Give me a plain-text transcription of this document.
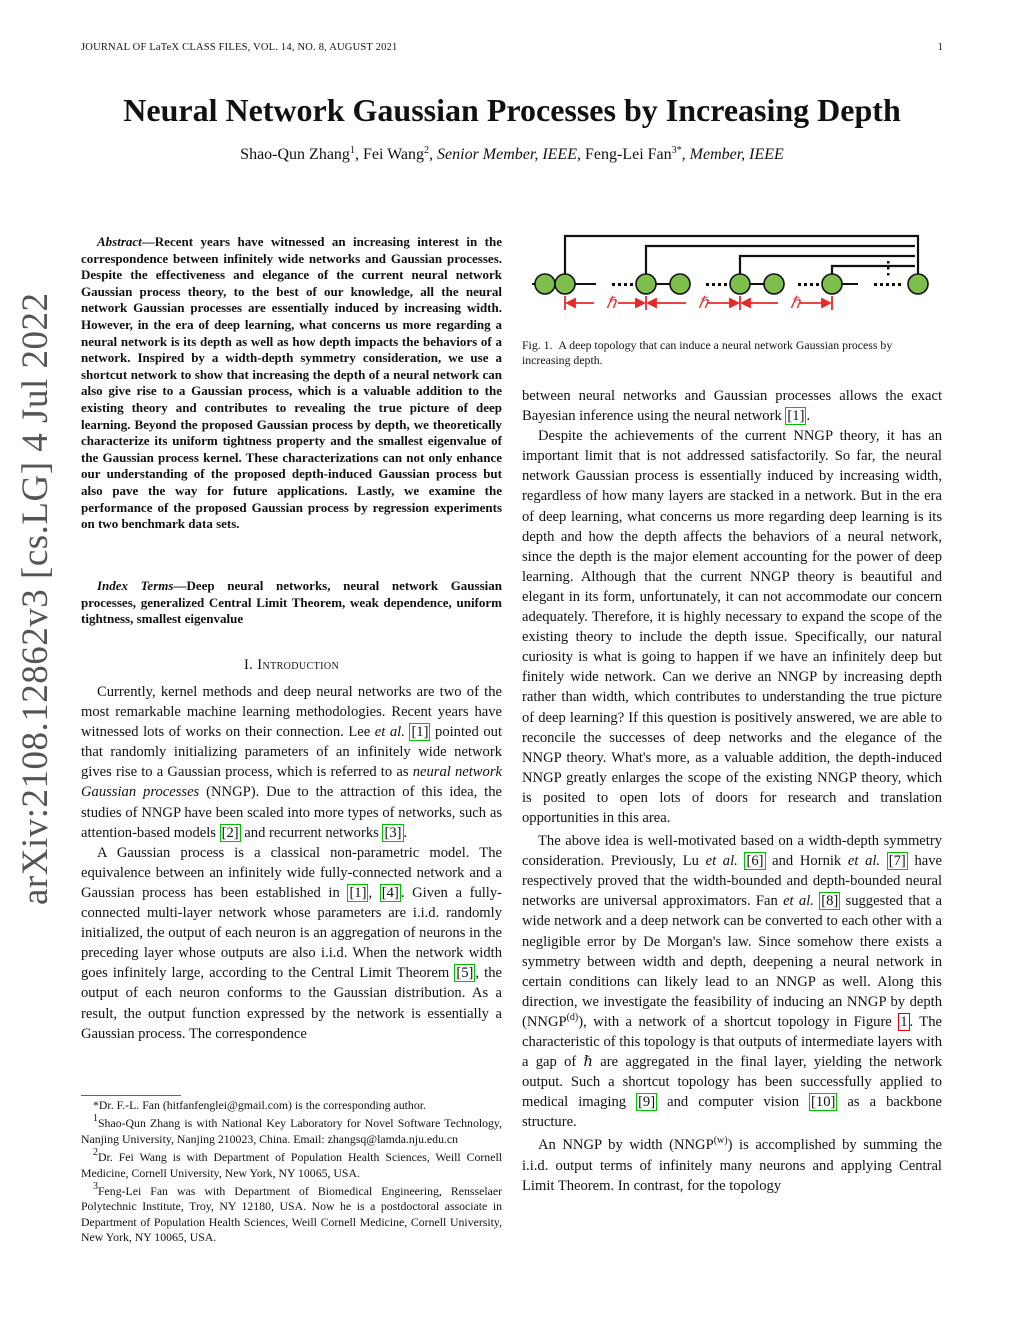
JOURNAL OF LaTeX CLASS FILES, VOL. 14, NO. 8, AUGUST 2021	1
arXiv:2108.12862v3 [cs.LG] 4 Jul 2022
Neural Network Gaussian Processes by Increasing Depth
Shao-Qun Zhang$^1$, Fei Wang$^2$, Senior Member, IEEE, Feng-Lei Fan$^{3*}$, Member, IEEE

Abstract—Recent years have witnessed an increasing interest in the correspondence between infinitely wide networks and Gaussian processes. Despite the effectiveness and elegance of the current neural network Gaussian process theory, to the best of our knowledge, all the neural network Gaussian processes are essentially induced by increasing width. However, in the era of deep learning, what concerns us more regarding a neural network is its depth as well as how depth impacts the behaviors of a network. Inspired by a width-depth symmetry consideration, we use a shortcut network to show that increasing the depth of a neural network can also give rise to a Gaussian process, which is a valuable addition to the existing theory and contributes to revealing the true picture of deep learning. Beyond the proposed Gaussian process by depth, we theoretically characterize its uniform tightness property and the smallest eigenvalue of the Gaussian process kernel. These characterizations can not only enhance our understanding of the proposed depth-induced Gaussian process but also pave the way for future applications. Lastly, we examine the performance of the proposed Gaussian process by regression experiments on two benchmark data sets.

Index Terms—Deep neural networks, neural network Gaussian processes, generalized Central Limit Theorem, weak dependence, uniform tightness, smallest eigenvalue

I. Introduction

Currently, kernel methods and deep neural networks are two of the most remarkable machine learning methodologies. Recent years have witnessed lots of works on their connection. Lee et al. [1] pointed out that randomly initializing parameters of an infinitely wide network gives rise to a Gaussian process, which is referred to as neural network Gaussian processes (NNGP). Due to the attraction of this idea, the studies of NNGP have been scaled into more types of networks, such as attention-based models [2] and recurrent networks [3] .

A Gaussian process is a classical non-parametric model. The equivalence between an infinitely wide fully-connected network and a Gaussian process has been established in [1] , [4] . Given a fully-connected multi-layer network whose parameters are i.i.d. randomly initialized, the output of each neuron is an aggregation of neurons in the preceding layer whose outputs are also i.i.d. When the network width goes infinitely large, according to the Central Limit Theorem [5] , the output of each neuron conforms to the Gaussian distribution. As a result, the output function expressed by the network is essentially a Gaussian process. The correspondence

*Dr. F.-L. Fan (hitfanfenglei@gmail.com) is the corresponding author.

$^1$Shao-Qun Zhang is with National Key Laboratory for Novel Software Technology, Nanjing University, Nanjing 210023, China. Email: zhangsq@lamda.nju.edu.cn

$^2$Dr. Fei Wang is with Department of Population Health Sciences, Weill Cornell Medicine, Cornell University, New York, NY 10065, USA.

$^3$Feng-Lei Fan was with Department of Biomedical Engineering, Rensselaer Polytechnic Institute, Troy, NY 12180, USA. Now he is a postdoctoral associate in Department of Population Health Sciences, Weill Cornell Medicine, Cornell University, New York, NY 10065, USA.

ℏ	ℏ	ℏ
Fig. 1. A deep topology that can induce a neural network Gaussian process by increasing depth.

between neural networks and Gaussian processes allows the exact Bayesian inference using the neural network [1] .

Despite the achievements of the current NNGP theory, it has an important limit that is not addressed satisfactorily. So far, the neural network Gaussian process is essentially induced by increasing width, regardless of how many layers are stacked in a network. But in the era of deep learning, what concerns us more regarding deep learning is its depth and how the depth affects the behaviors of a neural network, since the depth is the major element accounting for the power of deep learning. Although that the current NNGP theory is beautiful and elegant in its form, unfortunately, it can not accommodate our concern adequately. Therefore, it is highly necessary to expand the scope of the existing theory to include the depth issue. Specifically, our natural curiosity is what is going to happen if we have an infinitely deep but finitely wide network. Can we derive an NNGP by increasing depth rather than width, which contributes to understanding the true picture of deep learning? If this question is positively answered, we are able to reconcile the successes of deep networks and the elegance of the NNGP theory. What's more, as a valuable addition, the depth-induced NNGP greatly enlarges the scope of the existing NNGP theory, which is posited to open lots of doors for research and translation opportunities in this area.

The above idea is well-motivated based on a width-depth symmetry consideration. Previously, Lu et al. [6] and Hornik et al. [7] have respectively proved that the width-bounded and depth-bounded neural networks are universal approximators. Fan et al. [8] suggested that a wide network and a deep network can be converted to each other with a negligible error by De Morgan's law. Since somehow there exists a symmetry between width and depth, deepening a neural network in certain conditions can likely lead to an NNGP as well. Along this direction, we investigate the feasibility of inducing an NNGP by depth (NNGP$^{(d)}$), with a network of a shortcut topology in Figure 1 . The characteristic of this topology is that outputs of intermediate layers with a gap of ℏ are aggregated in the final layer, yielding the network output. Such a shortcut topology has been successfully applied to medical imaging [9] and computer vision [10] as a backbone structure.

An NNGP by width (NNGP$^{(w)}$) is accomplished by summing the i.i.d. output terms of infinitely many neurons and applying Central Limit Theorem. In contrast, for the topology
